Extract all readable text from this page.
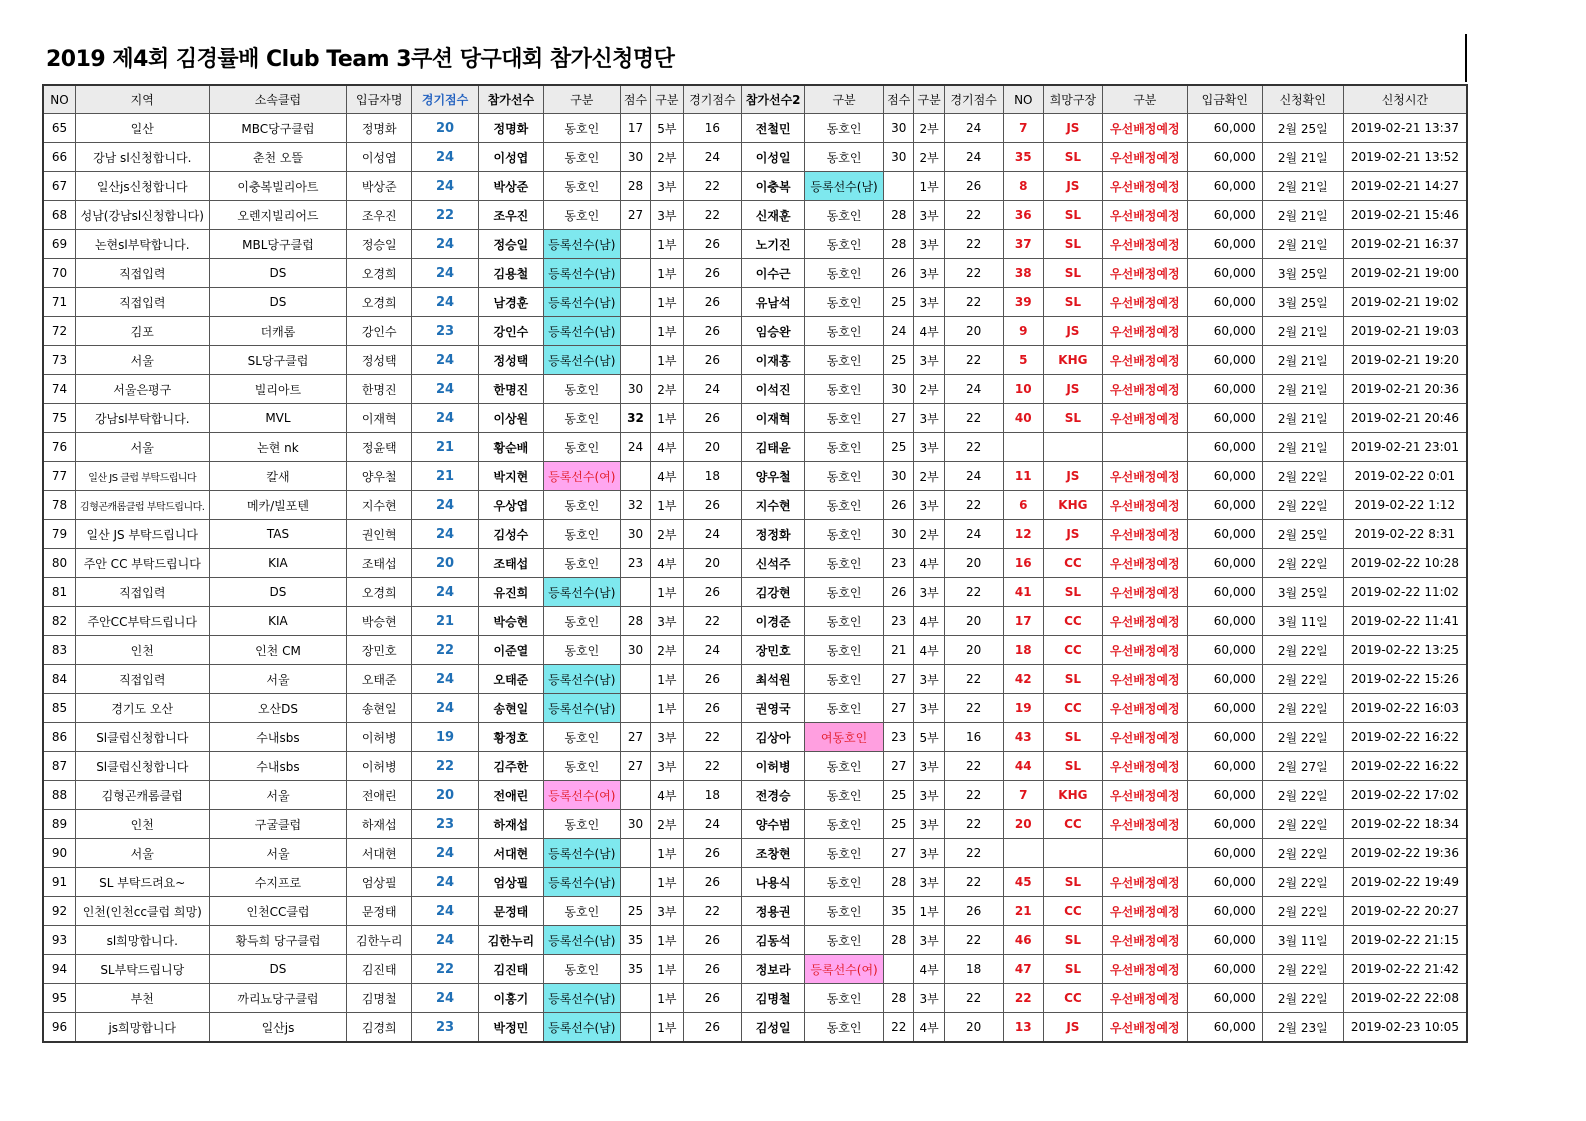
2019 제4회 김경률배 Club Team 3쿠션 당구대회 참가신청명단
NO	지역	소속클럽	입금자명	경기점수	참가선수	구분	점수	구분	경기점수	참가선수2	구분	점수	구분	경기점수	NO	희망구장	구분	입금확인	신청확인	신청시간
65	일산	MBC당구클럽	정명화	20	정명화	동호인	17	5부	16	전철민	동호인	30	2부	24	7	JS	우선배정예정	60,000	2월 25일	2019-02-21 13:37
66	강남 sl신청합니다.	춘천 오뜰	이성엽	24	이성엽	동호인	30	2부	24	이성일	동호인	30	2부	24	35	SL	우선배정예정	60,000	2월 21일	2019-02-21 13:52
67	일산js신청합니다	이충복빌리아트	박상준	24	박상준	동호인	28	3부	22	이충복	등록선수(남)		1부	26	8	JS	우선배정예정	60,000	2월 21일	2019-02-21 14:27
68	성남(강남sl신청합니다)	오렌지빌리어드	조우진	22	조우진	동호인	27	3부	22	신재훈	동호인	28	3부	22	36	SL	우선배정예정	60,000	2월 21일	2019-02-21 15:46
69	논현sl부탁합니다.	MBL당구클럽	정승일	24	정승일	등록선수(남)		1부	26	노기진	동호인	28	3부	22	37	SL	우선배정예정	60,000	2월 21일	2019-02-21 16:37
70	직접입력	DS	오경희	24	김용철	등록선수(남)		1부	26	이수근	동호인	26	3부	22	38	SL	우선배정예정	60,000	3월 25일	2019-02-21 19:00
71	직접입력	DS	오경희	24	남경훈	등록선수(남)		1부	26	유남석	동호인	25	3부	22	39	SL	우선배정예정	60,000	3월 25일	2019-02-21 19:02
72	김포	더캐롬	강인수	23	강인수	등록선수(남)		1부	26	임승완	동호인	24	4부	20	9	JS	우선배정예정	60,000	2월 21일	2019-02-21 19:03
73	서울	SL당구클럽	정성택	24	정성택	등록선수(남)		1부	26	이재홍	동호인	25	3부	22	5	KHG	우선배정예정	60,000	2월 21일	2019-02-21 19:20
74	서울은평구	빌리아트	한명진	24	한명진	동호인	30	2부	24	이석진	동호인	30	2부	24	10	JS	우선배정예정	60,000	2월 21일	2019-02-21 20:36
75	강남sl부탁합니다.	MVL	이재혁	24	이상원	동호인	32	1부	26	이재혁	동호인	27	3부	22	40	SL	우선배정예정	60,000	2월 21일	2019-02-21 20:46
76	서울	논현 nk	정윤택	21	황순배	동호인	24	4부	20	김태윤	동호인	25	3부	22				60,000	2월 21일	2019-02-21 23:01
77	일산 JS 클럽 부탁드립니다	칼새	양우철	21	박지현	등록선수(여)		4부	18	양우철	동호인	30	2부	24	11	JS	우선배정예정	60,000	2월 22일	2019-02-22 0:01
78	김형곤캐롬클럽 부탁드립니다.	메카/빌포텐	지수현	24	우상엽	동호인	32	1부	26	지수현	동호인	26	3부	22	6	KHG	우선배정예정	60,000	2월 22일	2019-02-22 1:12
79	일산 JS 부탁드립니다	TAS	권인혁	24	김성수	동호인	30	2부	24	정정화	동호인	30	2부	24	12	JS	우선배정예정	60,000	2월 25일	2019-02-22 8:31
80	주안 CC 부탁드립니다	KIA	조태섭	20	조태섭	동호인	23	4부	20	신석주	동호인	23	4부	20	16	CC	우선배정예정	60,000	2월 22일	2019-02-22 10:28
81	직접입력	DS	오경희	24	유진희	등록선수(남)		1부	26	김강현	동호인	26	3부	22	41	SL	우선배정예정	60,000	3월 25일	2019-02-22 11:02
82	주안CC부탁드립니다	KIA	박승현	21	박승현	동호인	28	3부	22	이경준	동호인	23	4부	20	17	CC	우선배정예정	60,000	3월 11일	2019-02-22 11:41
83	인천	인천 CM	장민호	22	이준열	동호인	30	2부	24	장민호	동호인	21	4부	20	18	CC	우선배정예정	60,000	2월 22일	2019-02-22 13:25
84	직접입력	서울	오태준	24	오태준	등록선수(남)		1부	26	최석원	동호인	27	3부	22	42	SL	우선배정예정	60,000	2월 22일	2019-02-22 15:26
85	경기도 오산	오산DS	송현일	24	송현일	등록선수(남)		1부	26	권영국	동호인	27	3부	22	19	CC	우선배정예정	60,000	2월 22일	2019-02-22 16:03
86	Sl클럽신청합니다	수내sbs	이허병	19	황정호	동호인	27	3부	22	김상아	여동호인	23	5부	16	43	SL	우선배정예정	60,000	2월 22일	2019-02-22 16:22
87	Sl클럽신청합니다	수내sbs	이허병	22	김주한	동호인	27	3부	22	이허병	동호인	27	3부	22	44	SL	우선배정예정	60,000	2월 27일	2019-02-22 16:22
88	김형곤캐롬클럽	서울	전애린	20	전애린	등록선수(여)		4부	18	전경승	동호인	25	3부	22	7	KHG	우선배정예정	60,000	2월 22일	2019-02-22 17:02
89	인천	구굴클럽	하재섭	23	하재섭	동호인	30	2부	24	양수범	동호인	25	3부	22	20	CC	우선배정예정	60,000	2월 22일	2019-02-22 18:34
90	서울	서울	서대현	24	서대현	등록선수(남)		1부	26	조창현	동호인	27	3부	22				60,000	2월 22일	2019-02-22 19:36
91	SL 부탁드려요~	수지프로	엄상필	24	엄상필	등록선수(남)		1부	26	나용식	동호인	28	3부	22	45	SL	우선배정예정	60,000	2월 22일	2019-02-22 19:49
92	인천(인천cc클럽 희망)	인천CC클럽	문정태	24	문정태	동호인	25	3부	22	정용권	동호인	35	1부	26	21	CC	우선배정예정	60,000	2월 22일	2019-02-22 20:27
93	sl희망합니다.	황득희 당구클럽	김한누리	24	김한누리	등록선수(남)	35	1부	26	김동석	동호인	28	3부	22	46	SL	우선배정예정	60,000	3월 11일	2019-02-22 21:15
94	SL부탁드립니당	DS	김진태	22	김진태	동호인	35	1부	26	정보라	등록선수(여)		4부	18	47	SL	우선배정예정	60,000	2월 22일	2019-02-22 21:42
95	부천	까리뇨당구클럽	김명철	24	이홍기	등록선수(남)		1부	26	김명철	동호인	28	3부	22	22	CC	우선배정예정	60,000	2월 22일	2019-02-22 22:08
96	js희망합니다	일산js	김경희	23	박정민	등록선수(남)		1부	26	김성일	동호인	22	4부	20	13	JS	우선배정예정	60,000	2월 23일	2019-02-23 10:05
